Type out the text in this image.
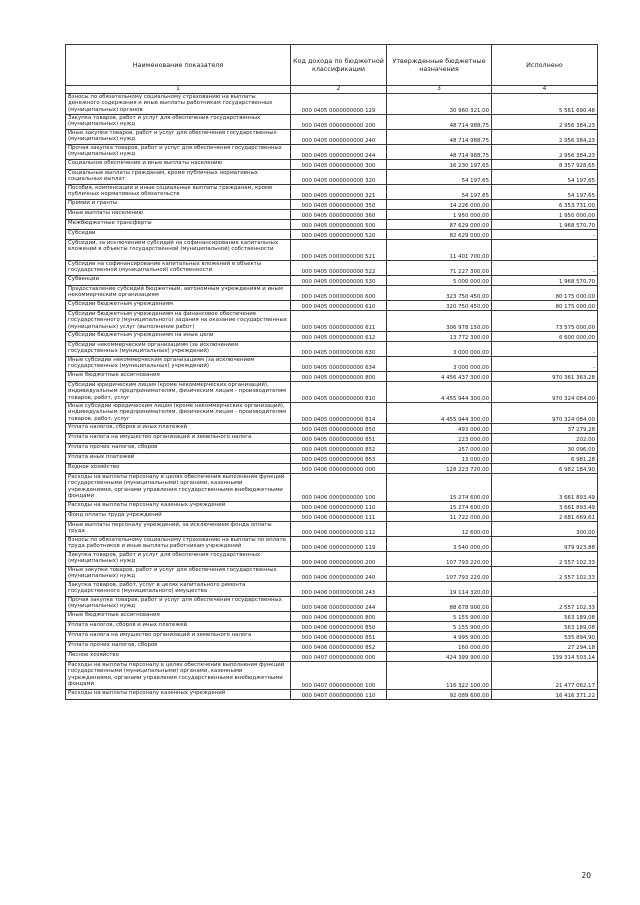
Наименование показателя	Код дохода по бюджетной классификации	Утвержденные бюджетные назначения	Исполнено
1	2	3	4
Взносы по обязательному социальному страхованию на выплаты денежного содержания и иные выплаты работникам государственных (муниципальных) органов	000 0405 0000000000 129	30 960 321,00	5 561 690,48
Закупка товаров, работ и услуг для обеспечения государственных (муниципальных) нужд	000 0405 0000000000 200	48 714 988,75	2 956 384,23
Иные закупки товаров, работ и услуг для обеспечения государственных (муниципальных) нужд	000 0405 0000000000 240	48 714 988,75	2 956 384,23
Прочая закупка товаров, работ и услуг для обеспечения государственных (муниципальных) нужд	000 0405 0000000000 244	48 714 988,75	2 956 384,23
Социальное обеспечение и иные выплаты населению	000 0405 0000000000 300	16 230 197,65	8 357 928,65
Социальные выплаты гражданам, кроме публичных нормативных социальных выплат	000 0405 0000000000 320	54 197,65	54 197,65
Пособия, компенсации и иные социальные выплаты гражданам, кроме публичных нормативных обязательств	000 0405 0000000000 321	54 197,65	54 197,65
Премии и гранты	000 0405 0000000000 350	14 226 000,00	6 353 731,00
Иные выплаты населению	000 0405 0000000000 360	1 950 000,00	1 950 000,00
Межбюджетные трансферты	000 0405 0000000000 500	87 629 000,00	1 968 570,70
Субсидии	000 0405 0000000000 520	82 629 000,00	-
Субсидии, за исключением субсидий на софинансирование капитальных вложений в объекты государственной (муниципальной) собственности	000 0405 0000000000 521	11 401 700,00	-
Субсидии на софинансирование капитальных вложений в объекты государственной (муниципальной) собственности	000 0405 0000000000 522	71 227 300,00	-
Субвенции	000 0405 0000000000 530	5 000 000,00	1 968 570,70
Предоставление субсидий бюджетным, автономным учреждениям и иным некоммерческим организациям	000 0405 0000000000 600	323 750 450,00	80 175 000,00
Субсидии бюджетным учреждениям	000 0405 0000000000 610	320 750 450,00	80 175 000,00
Субсидии бюджетным учреждениям на финансовое обеспечение государственного (муниципального) задания на оказание государственных (муниципальных) услуг (выполнение работ)	000 0405 0000000000 611	306 978 150,00	73 575 000,00
Субсидии бюджетным учреждениям на иные цели	000 0405 0000000000 612	13 772 300,00	6 600 000,00
Субсидии некоммерческим организациям (за исключением государственных (муниципальных) учреждений)	000 0405 0000000000 630	3 000 000,00	-
Иные субсидии некоммерческим организациям (за исключением государственных (муниципальных) учреждений)	000 0405 0000000000 634	3 000 000,00	-
Иные бюджетные ассигнования	000 0405 0000000000 800	4 456 437 300,00	970 361 363,28
Субсидии юридическим лицам (кроме некоммерческих организаций), индивидуальным предпринимателям, физическим лицам - производителям товаров, работ, услуг	000 0405 0000000000 810	4 455 944 300,00	970 324 084,00
Иные субсидии юридическим лицам (кроме некоммерческих организаций), индивидуальным предпринимателям, физическим лицам - производителям товаров, работ, услуг	000 0405 0000000000 814	4 455 944 300,00	970 324 084,00
Уплата налогов, сборов и иных платежей	000 0405 0000000000 850	493 000,00	37 279,28
Уплата налога на имущество организаций и земельного налога	000 0405 0000000000 851	223 000,00	202,00
Уплата прочих налогов, сборов	000 0405 0000000000 852	257 000,00	30 096,00
Уплата иных платежей	000 0405 0000000000 853	13 000,00	6 981,28
Водное хозяйство	000 0406 0000000000 000	128 223 720,00	6 982 184,90
Расходы на выплаты персоналу в целях обеспечения выполнения функций государственными (муниципальными) органами, казенными учреждениями, органами управления государственными внебюджетными фондами	000 0406 0000000000 100	15 274 600,00	3 661 893,49
Расходы на выплаты персоналу казенных учреждений	000 0406 0000000000 110	15 274 600,00	3 661 893,49
Фонд оплаты труда учреждений	000 0406 0000000000 111	11 722 000,00	2 681 669,61
Иные выплаты персоналу учреждений, за исключением фонда оплаты труда	000 0406 0000000000 112	12 600,00	300,00
Взносы по обязательному социальному страхованию на выплаты по оплате труда работников и иные выплаты работникам учреждений	000 0406 0000000000 119	3 540 000,00	979 923,88
Закупка товаров, работ и услуг для обеспечения государственных (муниципальных) нужд	000 0406 0000000000 200	107 793 220,00	2 557 102,33
Иные закупки товаров, работ и услуг для обеспечения государственных (муниципальных) нужд	000 0406 0000000000 240	107 793 220,00	2 557 102,33
Закупка товаров, работ, услуг в целях капитального ремонта государственного (муниципального) имущества	000 0406 0000000000 243	19 114 320,00	-
Прочая закупка товаров, работ и услуг для обеспечения государственных (муниципальных) нужд	000 0406 0000000000 244	88 678 900,00	2 557 102,33
Иные бюджетные ассигнования	000 0406 0000000000 800	5 155 900,00	563 189,08
Уплата налогов, сборов и иных платежей	000 0406 0000000000 850	5 155 900,00	563 189,08
Уплата налога на имущество организаций и земельного налога	000 0406 0000000000 851	4 995 900,00	535 894,90
Уплата прочих налогов, сборов	000 0406 0000000000 852	160 000,00	27 294,18
Лесное хозяйство	000 0407 0000000000 000	424 399 900,00	139 314 503,14
Расходы на выплаты персоналу в целях обеспечения выполнения функций государственными (муниципальными) органами, казенными учреждениями, органами управления государственными внебюджетными фондами	000 0407 0000000000 100	116 322 100,00	21 477 062,17
Расходы на выплаты персоналу казенных учреждений	000 0407 0000000000 110	92 089 600,00	16 416 371,22
20
